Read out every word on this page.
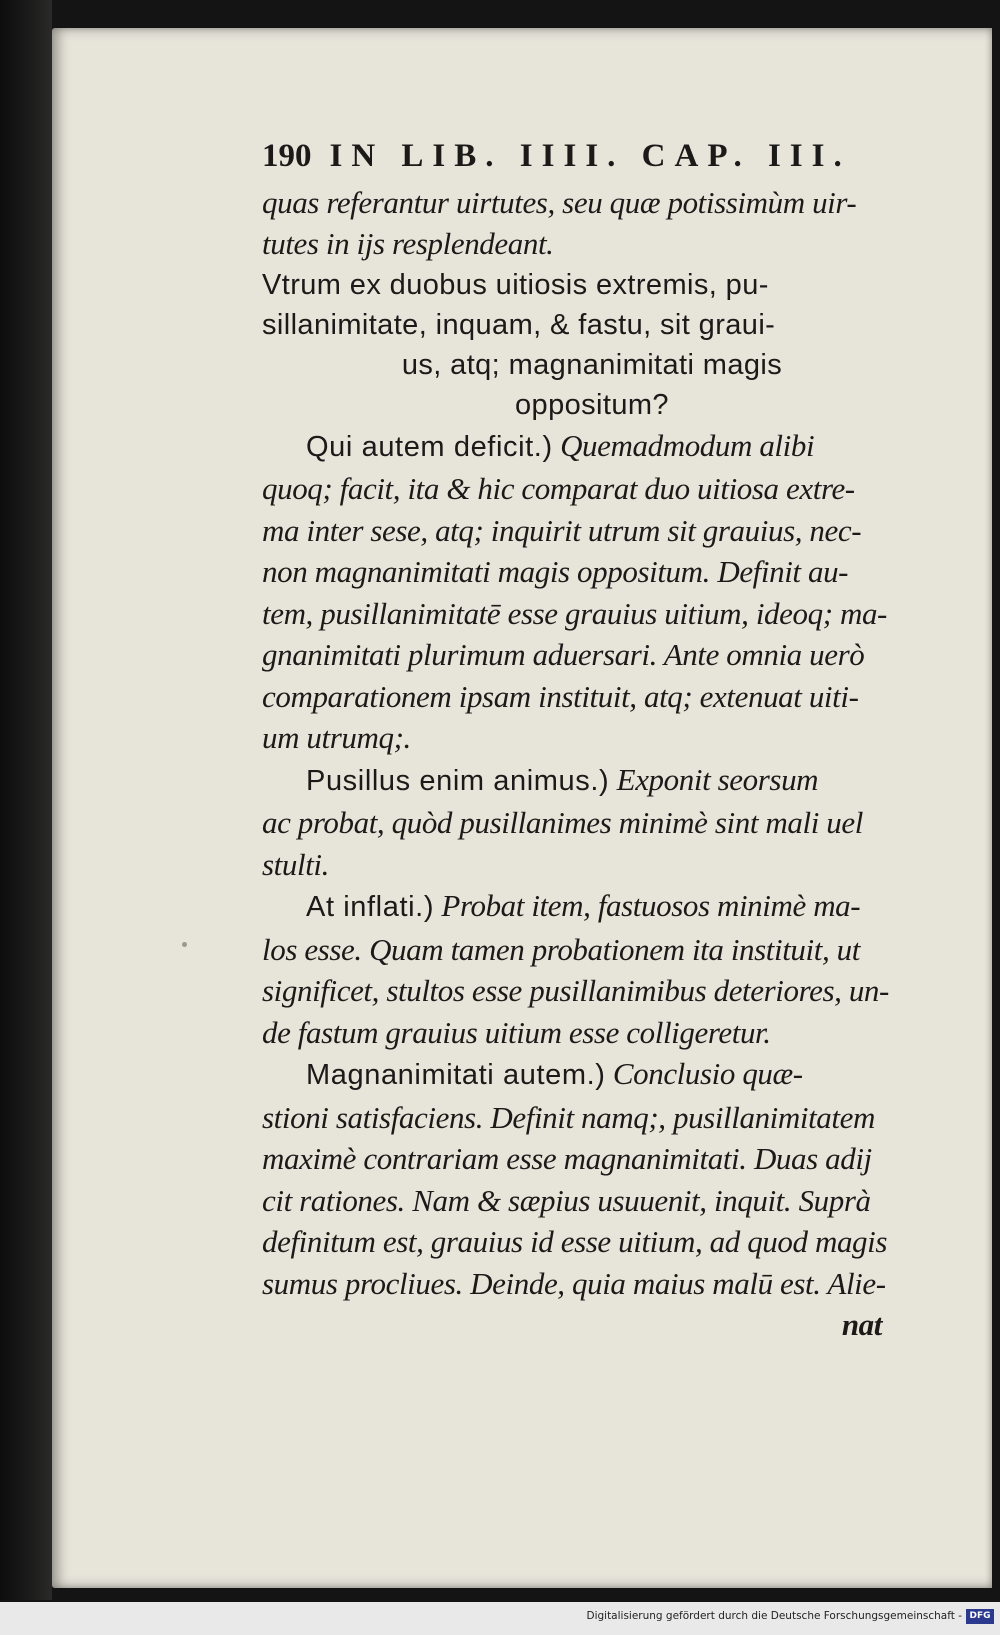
190 IN LIB. IIII. CAP. III.
quas referantur uirtutes, seu quæ potissimùm uir-
tutes in ijs resplendeant.
Vtrum ex duobus uitiosis extremis, pu-
sillanimitate, inquam, & fastu, sit graui-
us, atq; magnanimitati magis
oppositum?
Qui autem deficit.) Quemadmodum alibi
quoq; facit, ita & hic comparat duo uitiosa extre-
ma inter sese, atq; inquirit utrum sit grauius, nec-
non magnanimitati magis oppositum. Definit au-
tem, pusillanimitatē esse grauius uitium, ideoq; ma-
gnanimitati plurimum aduersari. Ante omnia uerò
comparationem ipsam instituit, atq; extenuat uiti-
um utrumq;.
Pusillus enim animus.) Exponit seorsum
ac probat, quòd pusillanimes minimè sint mali uel
stulti.
At inflati.) Probat item, fastuosos minimè ma-
los esse. Quam tamen probationem ita instituit, ut
significet, stultos esse pusillanimibus deteriores, un-
de fastum grauius uitium esse colligeretur.
Magnanimitati autem.) Conclusio quæ-
stioni satisfaciens. Definit namq;, pusillanimitatem
maximè contrariam esse magnanimitati. Duas adij
cit rationes. Nam & sæpius usuuenit, inquit. Suprà
definitum est, grauius id esse uitium, ad quod magis
sumus procliues. Deinde, quia maius malū est. Alie-
nat
Digitalisierung gefördert durch die Deutsche Forschungsgemeinschaft - DFG
